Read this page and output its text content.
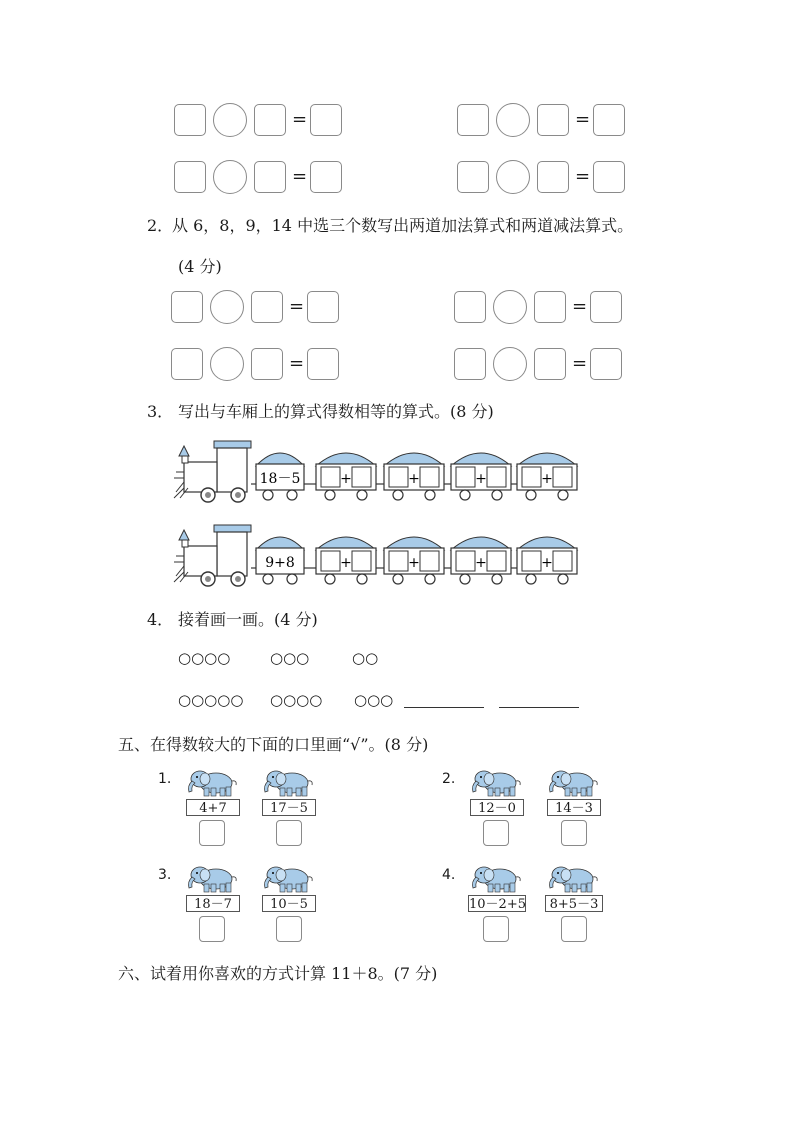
=	=
=	=
2．
从 6，8，9，14 中选三个数写出两道加法算式和两道减法算式。
(4 分)
=	=
=	=
3． 写出与车厢上的算式得数相等的算式。(8 分)
18－5	+	+	+	+
9+8	+	+	+	+
4． 接着画一画。(4 分)
○○○○	○○○	○○
○○○○○ ○○○○ ○○○
五、在得数较大的下面的口里画“√”。(8 分)
1.
4+7	17－5
2.
12－0	14－3
3.
18－7	10－5
4.
10－2+5	8+5－3
六、试着用你喜欢的方式计算 11＋8。(7 分)
